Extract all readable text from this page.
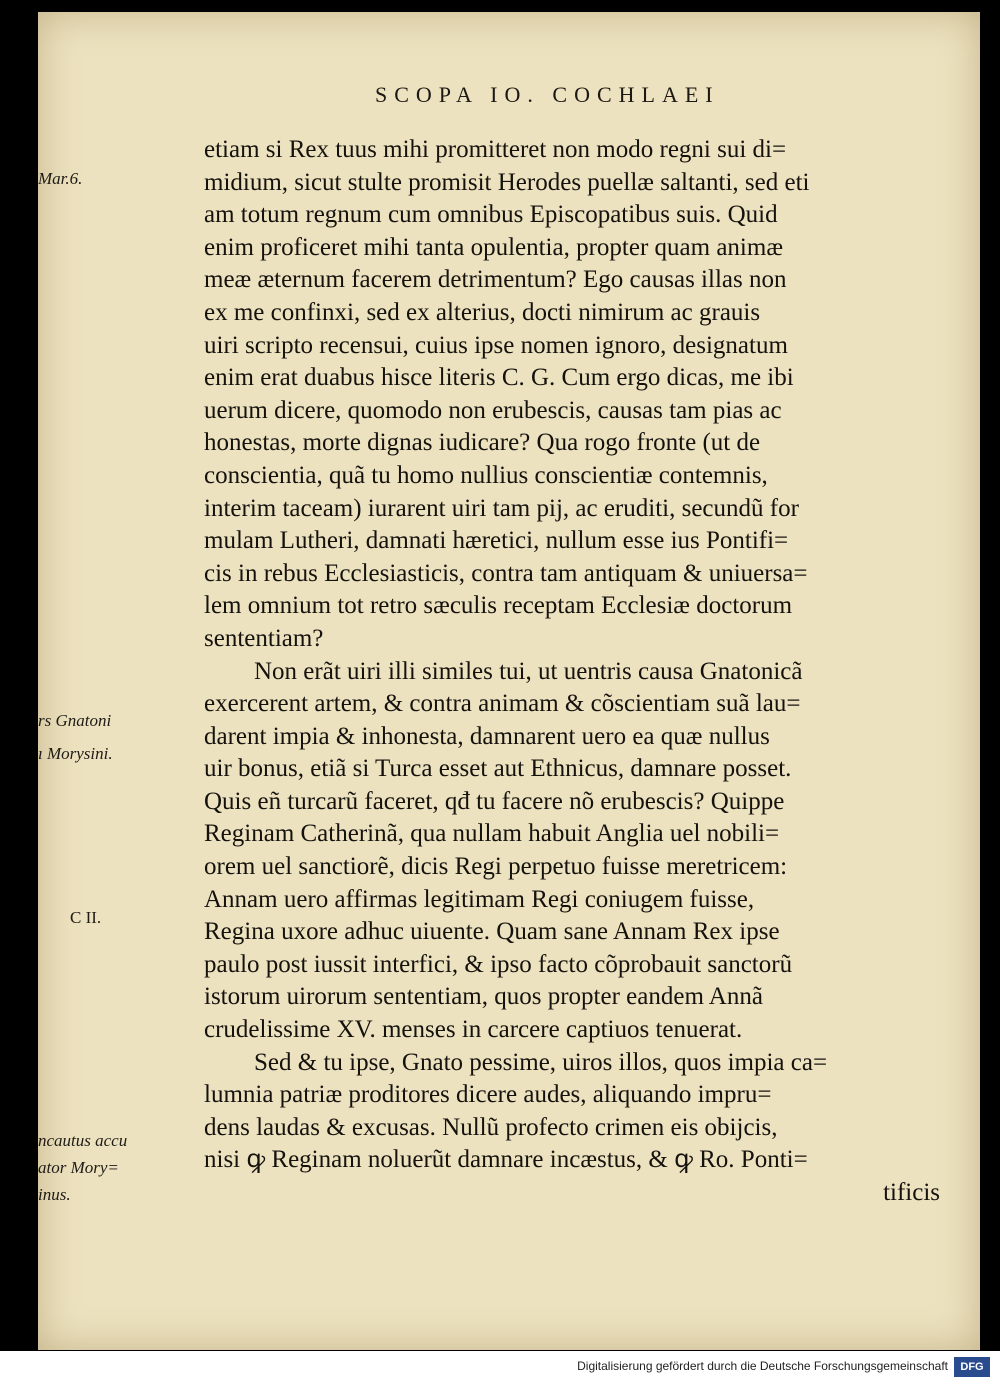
SCOPA IO. COCHLAEI
Mar.6.
rs Gnatoni
ı Morysini.
C II.
ncautus accu
ator Mory=
inus.
etiam si Rex tuus mihi promitteret non modo regni sui di=
midium, sicut stulte promisit Herodes puellæ saltanti, sed eti
am totum regnum cum omnibus Episcopatibus suis. Quid
enim proficeret mihi tanta opulentia, propter quam animæ
meæ æternum facerem detrimentum? Ego causas illas non
ex me confinxi, sed ex alterius, docti nimirum ac grauis
uiri scripto recensui, cuius ipse nomen ignoro, designatum
enim erat duabus hisce literis C. G. Cum ergo dicas, me ibi
uerum dicere, quomodo non erubescis, causas tam pias ac
honestas, morte dignas iudicare? Qua rogo fronte (ut de
conscientia, quã tu homo nullius conscientiæ contemnis,
interim taceam) iurarent uiri tam pij, ac eruditi, secundũ for
mulam Lutheri, damnati hæretici, nullum esse ius Pontifi=
cis in rebus Ecclesiasticis, contra tam antiquam & uniuersa=
lem omnium tot retro sæculis receptam Ecclesiæ doctorum
sententiam?
Non erãt uiri illi similes tui, ut uentris causa Gnatonicã
exercerent artem, & contra animam & cõscientiam suã lau=
darent impia & inhonesta, damnarent uero ea quæ nullus
uir bonus, etiã si Turca esset aut Ethnicus, damnare posset.
Quis eñ turcarũ faceret, qđ tu facere nõ erubescis? Quippe
Reginam Catherinã, qua nullam habuit Anglia uel nobili=
orem uel sanctiorẽ, dicis Regi perpetuo fuisse meretricem:
Annam uero affirmas legitimam Regi coniugem fuisse,
Regina uxore adhuc uiuente. Quam sane Annam Rex ipse
paulo post iussit interfici, & ipso facto cõprobauit sanctorũ
istorum uirorum sententiam, quos propter eandem Annã
crudelissime XV. menses in carcere captiuos tenuerat.
Sed & tu ipse, Gnato pessime, uiros illos, quos impia ca=
lumnia patriæ proditores dicere audes, aliquando impru=
dens laudas & excusas. Nullũ profecto crimen eis obijcis,
nisi ꝙ Reginam noluerũt damnare incæstus, & ꝙ Ro. Ponti=
tificis
Digitalisierung gefördert durch die Deutsche Forschungsgemeinschaft	DFG
